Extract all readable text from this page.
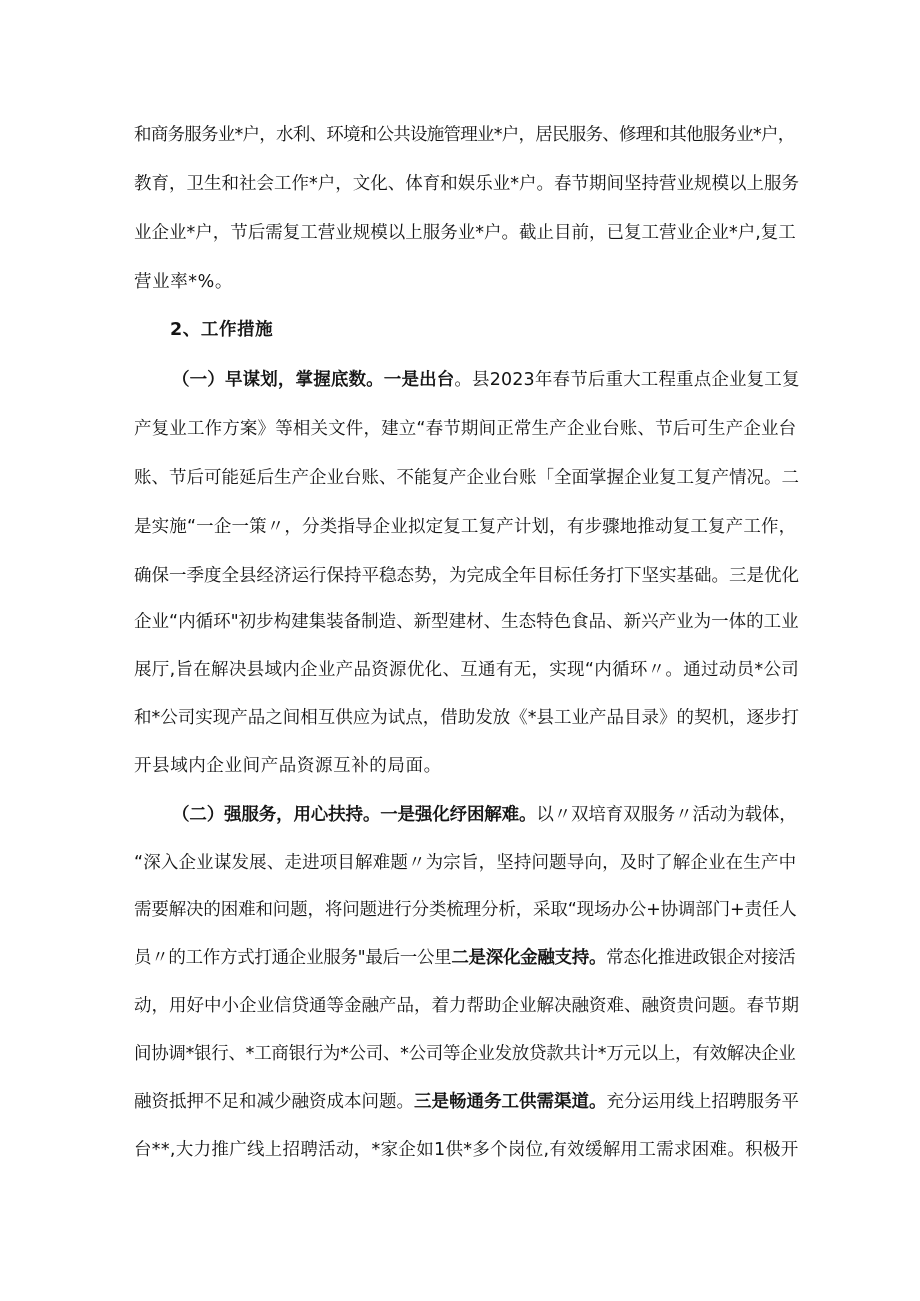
和商务服务业*户，水利、环境和公共设施管理业*户，居民服务、修理和其他服务业*户，

教育，卫生和社会工作*户，文化、体育和娱乐业*户。春节期间坚持营业规模以上服务

业企业*户，节后需复工营业规模以上服务业*户。截止目前，已复工营业企业*户,复工

营业率*%。

2、工作措施

（一）早谋划，掌握底数。一是出台。县2023年春节后重大工程重点企业复工复

产复业工作方案》等相关文件，建立“春节期间正常生产企业台账、节后可生产企业台

账、节后可能延后生产企业台账、不能复产企业台账「全面掌握企业复工复产情况。二

是实施“一企一策〃，分类指导企业拟定复工复产计划，有步骤地推动复工复产工作，

确保一季度全县经济运行保持平稳态势，为完成全年目标任务打下坚实基础。三是优化

企业“内循环"初步构建集装备制造、新型建材、生态特色食品、新兴产业为一体的工业

展厅,旨在解决县域内企业产品资源优化、互通有无，实现“内循环〃。通过动员*公司

和*公司实现产品之间相互供应为试点，借助发放《*县工业产品目录》的契机，逐步打

开县域内企业间产品资源互补的局面。

（二）强服务，用心扶持。一是强化纾困解难。以〃双培育双服务〃活动为载体，

“深入企业谋发展、走进项目解难题〃为宗旨，坚持问题导向，及时了解企业在生产中

需要解决的困难和问题，将问题进行分类梳理分析，采取“现场办公+协调部门+责任人

员〃的工作方式打通企业服务"最后一公里二是深化金融支持。常态化推进政银企对接活

动，用好中小企业信贷通等金融产品，着力帮助企业解决融资难、融资贵问题。春节期

间协调*银行、*工商银行为*公司、*公司等企业发放贷款共计*万元以上，有效解决企业

融资抵押不足和减少融资成本问题。三是畅通务工供需渠道。充分运用线上招聘服务平

台**,大力推广线上招聘活动，*家企如1供*多个岗位,有效缓解用工需求困难。积极开
